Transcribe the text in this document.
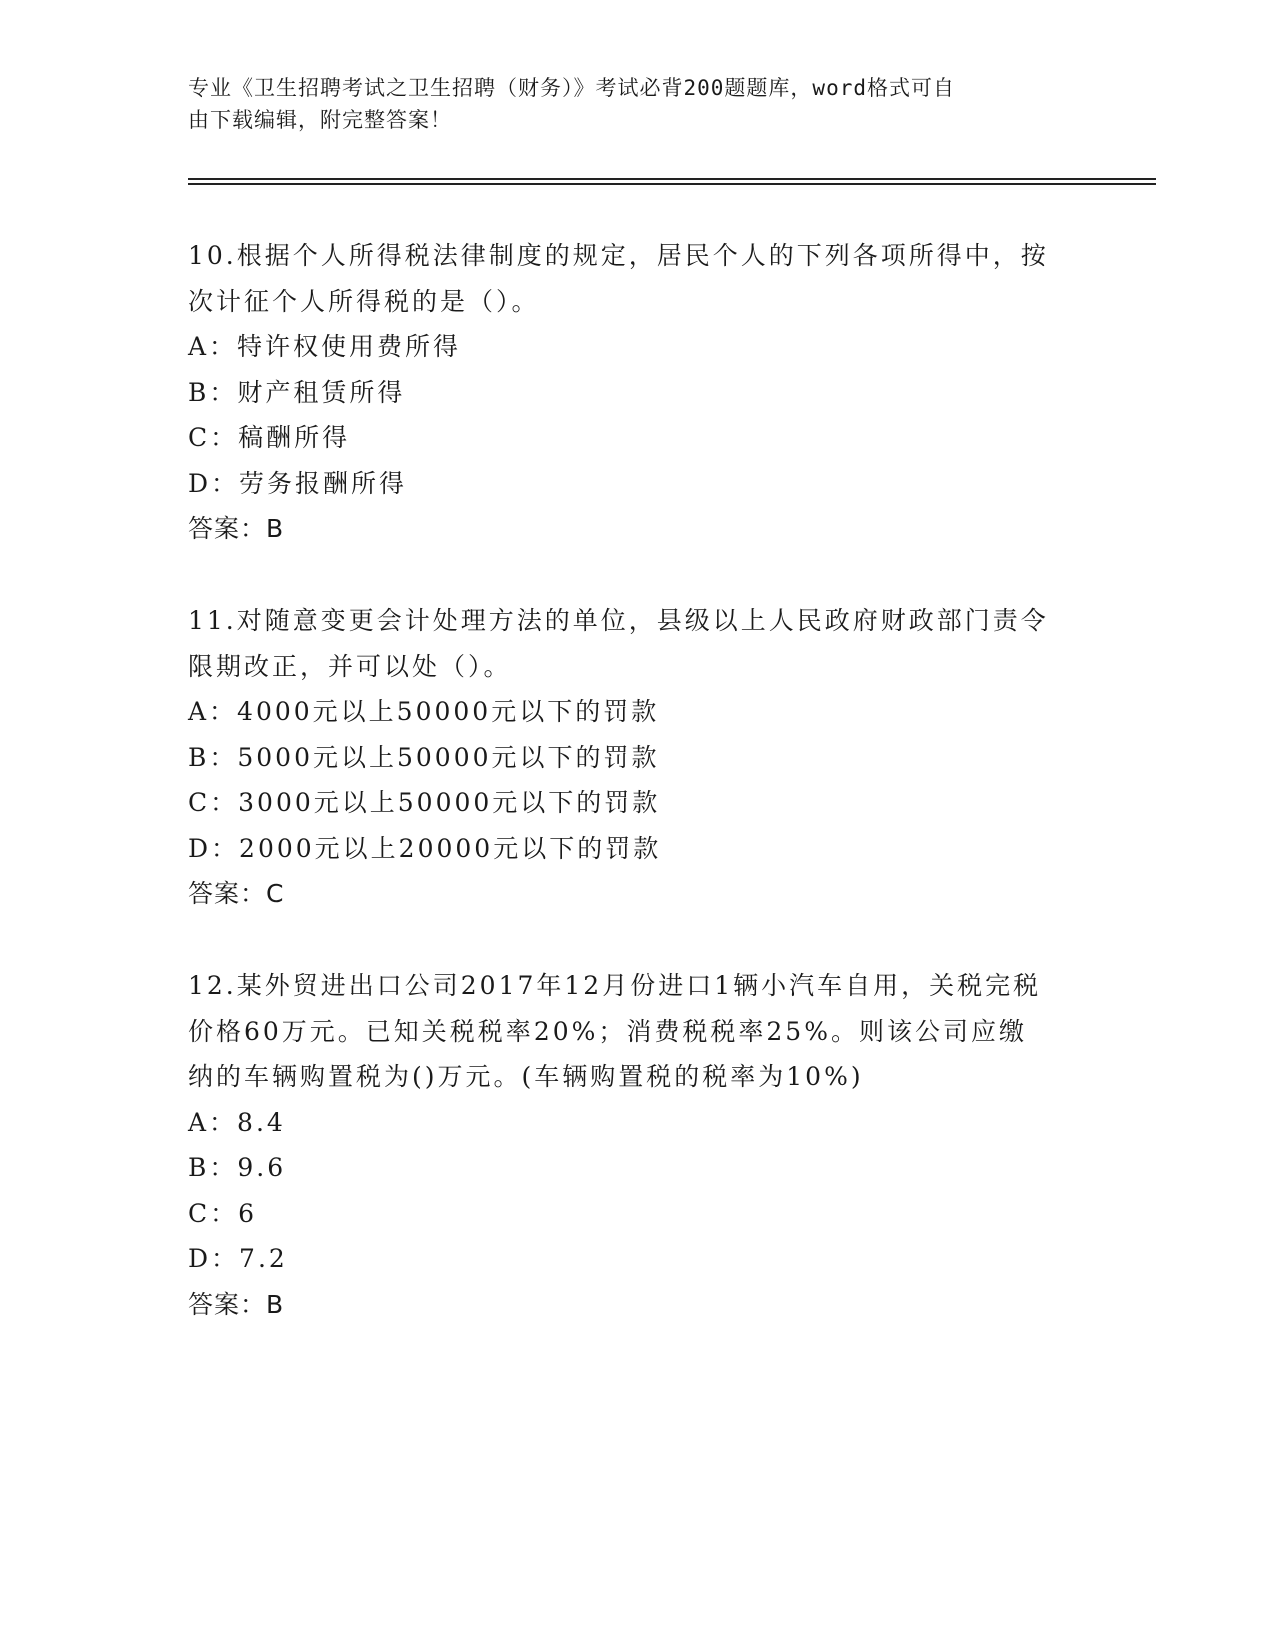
专业《卫生招聘考试之卫生招聘（财务）》考试必背200题题库，word格式可自
由下载编辑，附完整答案！
10.根据个人所得税法律制度的规定，居民个人的下列各项所得中，按
次计征个人所得税的是（）。
A：特许权使用费所得
B：财产租赁所得
C：稿酬所得
D：劳务报酬所得
答案：B
11.对随意变更会计处理方法的单位，县级以上人民政府财政部门责令
限期改正，并可以处（）。
A：4000元以上50000元以下的罚款
B：5000元以上50000元以下的罚款
C：3000元以上50000元以下的罚款
D：2000元以上20000元以下的罚款
答案：C
12.某外贸进出口公司2017年12月份进口1辆小汽车自用，关税完税
价格60万元。已知关税税率20%；消费税税率25%。则该公司应缴
纳的车辆购置税为()万元。(车辆购置税的税率为10%)
A：8.4
B：9.6
C：6
D：7.2
答案：B
